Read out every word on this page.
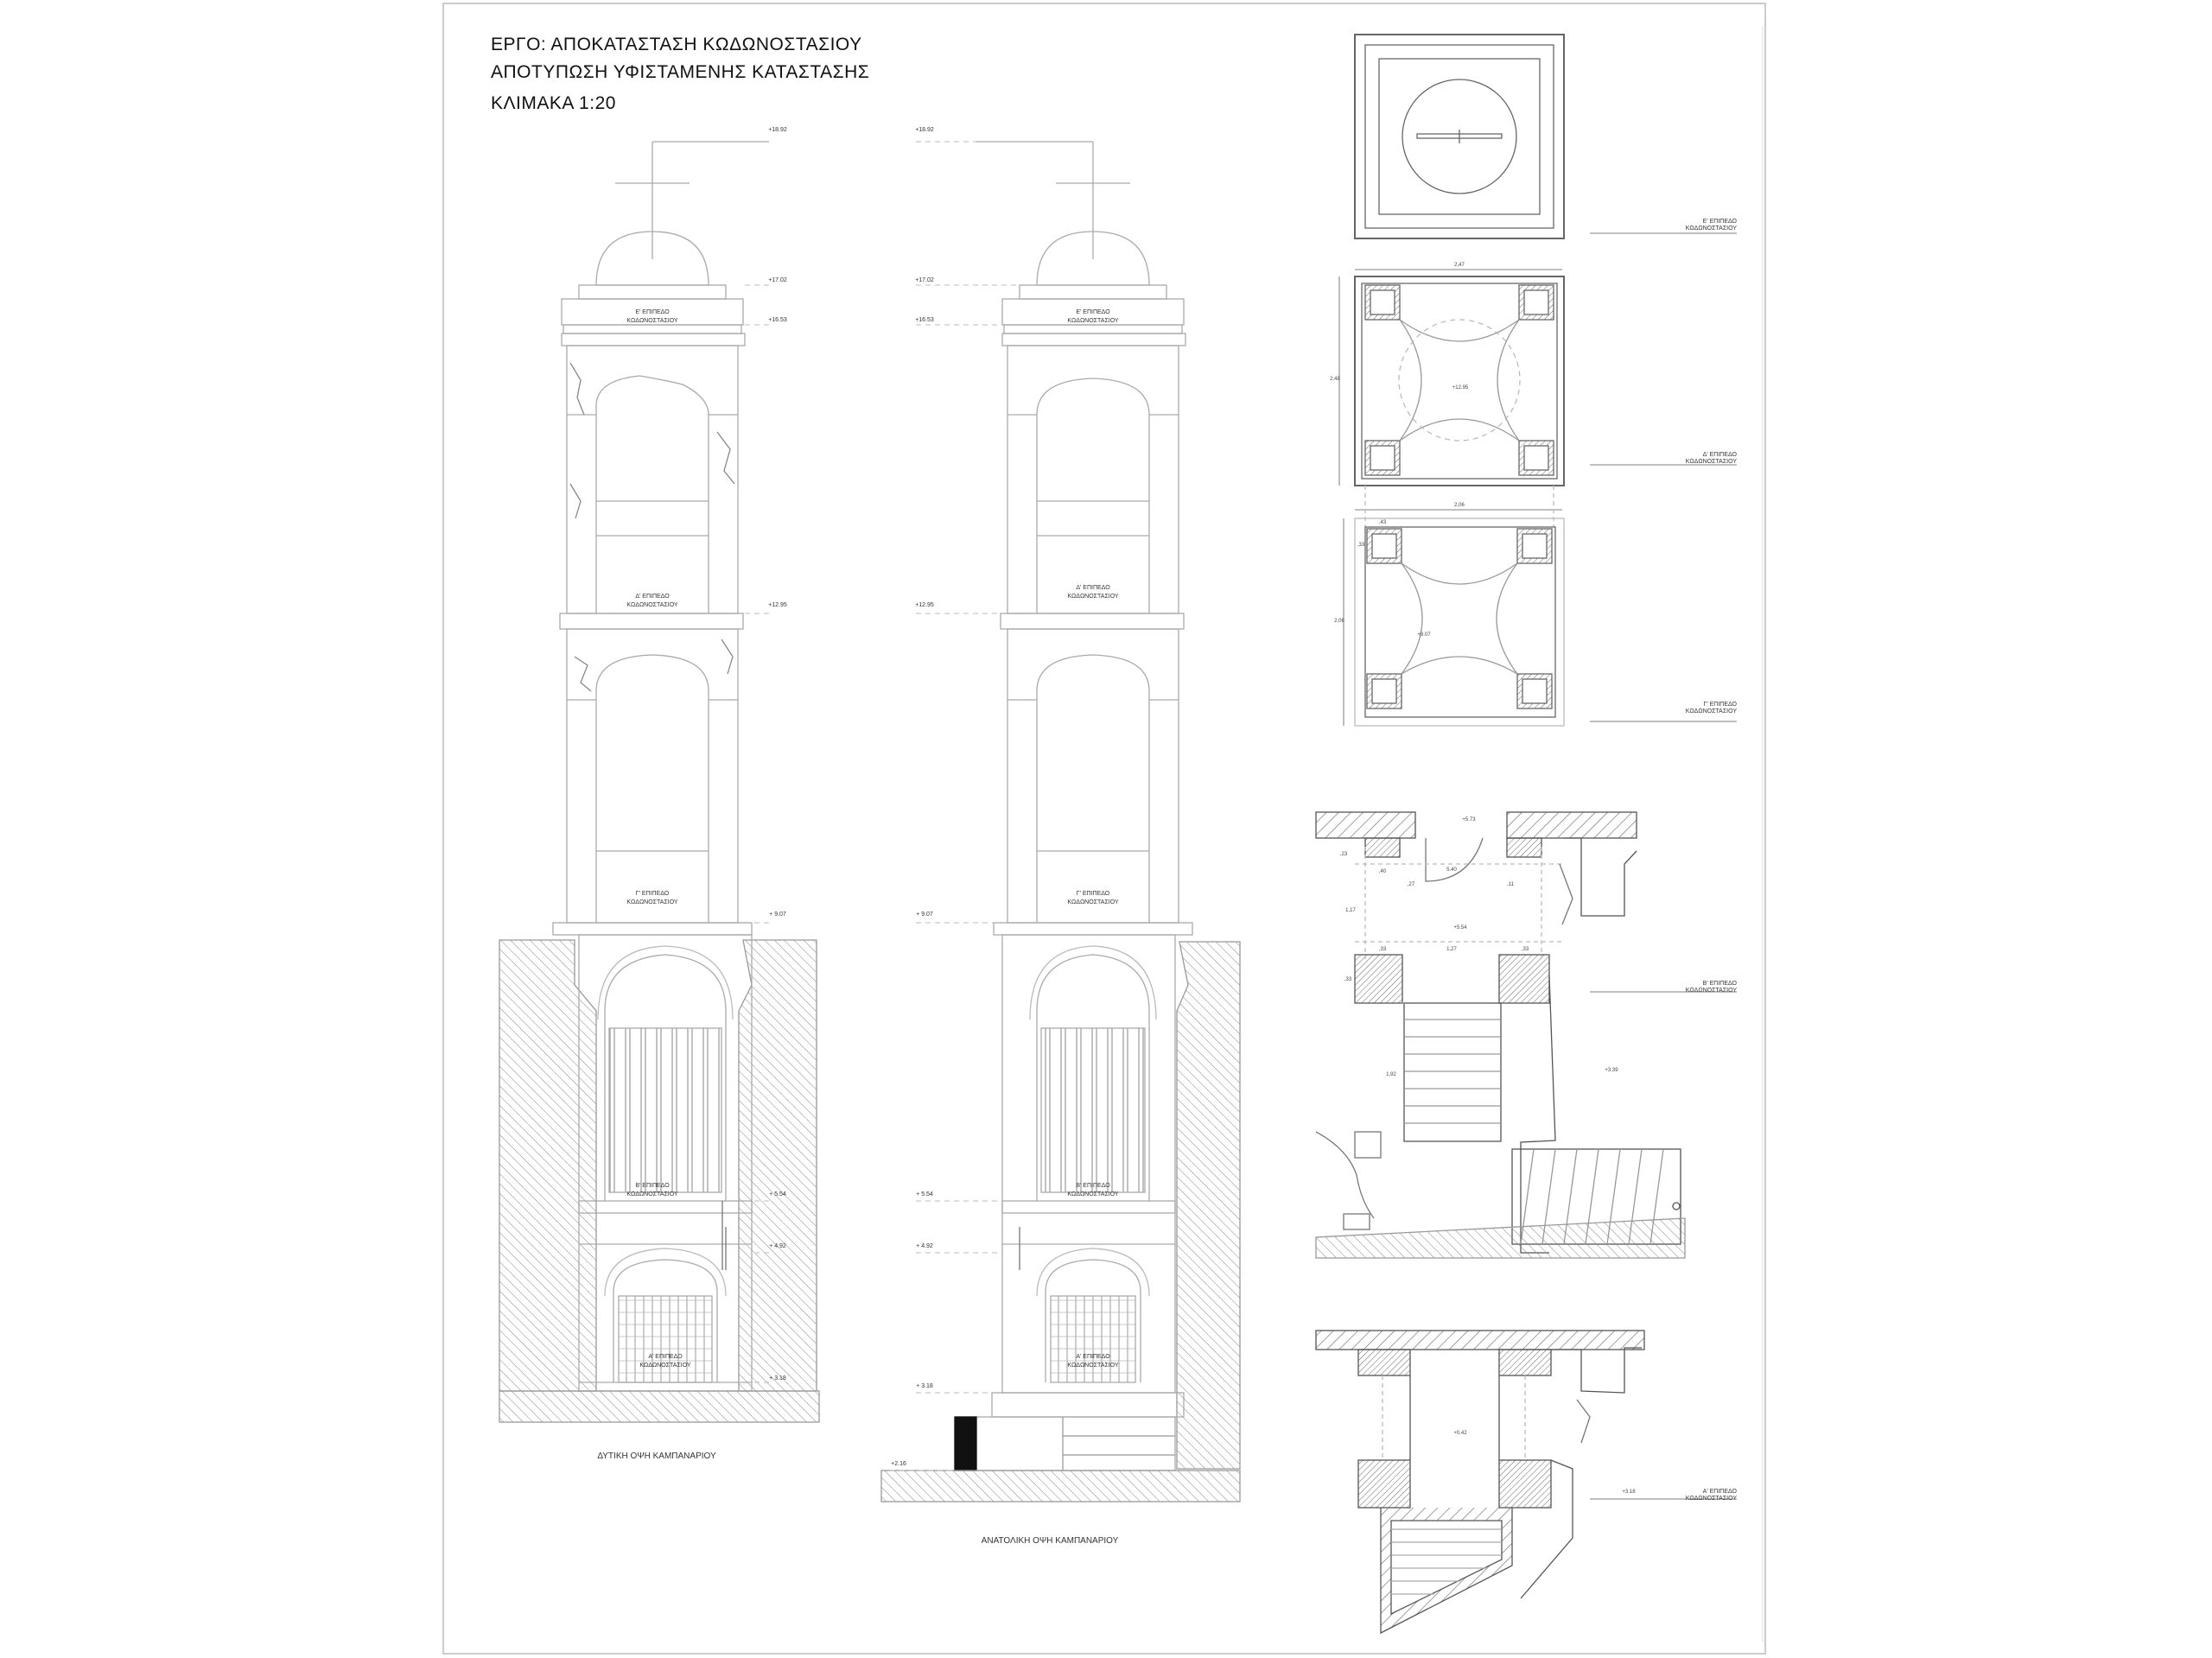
ΕΡΓΟ: ΑΠΟΚΑΤΑΣΤΑΣΗ ΚΩΔΩΝΟΣΤΑΣΙΟΥ
ΑΠΟΤΥΠΩΣΗ ΥΦΙΣΤΑΜΕΝΗΣ ΚΑΤΑΣΤΑΣΗΣ
ΚΛΙΜΑΚΑ 1:20
Ε' ΕΠΙΠΕΔΟ
ΚΩΔΩΝΟΣΤΑΣΙΟΥ
Δ' ΕΠΙΠΕΔΟ
ΚΩΔΩΝΟΣΤΑΣΙΟΥ
Γ' ΕΠΙΠΕΔΟ
ΚΩΔΩΝΟΣΤΑΣΙΟΥ
Β' ΕΠΙΠΕΔΟ
ΚΩΔΩΝΟΣΤΑΣΙΟΥ
Α' ΕΠΙΠΕΔΟ
ΚΩΔΩΝΟΣΤΑΣΙΟΥ
ΔΥΤΙΚΗ ΟΨΗ ΚΑΜΠΑΝΑΡΙΟΥ
+18.92
+17.02
+16.53
+12.95
+ 9.07
+ 5.54
+ 4.92
+ 3.18
Ε' ΕΠΙΠΕΔΟ
ΚΩΔΩΝΟΣΤΑΣΙΟΥ
Δ' ΕΠΙΠΕΔΟ
ΚΩΔΩΝΟΣΤΑΣΙΟΥ
Γ' ΕΠΙΠΕΔΟ
ΚΩΔΩΝΟΣΤΑΣΙΟΥ
Β' ΕΠΙΠΕΔΟ
ΚΩΔΩΝΟΣΤΑΣΙΟΥ
Α' ΕΠΙΠΕΔΟ
ΚΩΔΩΝΟΣΤΑΣΙΟΥ
ΑΝΑΤΟΛΙΚΗ ΟΨΗ ΚΑΜΠΑΝΑΡΙΟΥ
+18.92
+17.02
+16.53
+12.95
+ 9.07
+ 5.54
+ 4.92
+ 3.18
+2.16
Ε' ΕΠΙΠΕΔΟ
ΚΩΔΩΝΟΣΤΑΣΙΟΥ
Δ' ΕΠΙΠΕΔΟ
ΚΩΔΩΝΟΣΤΑΣΙΟΥ
Γ' ΕΠΙΠΕΔΟ
ΚΩΔΩΝΟΣΤΑΣΙΟΥ
Β' ΕΠΙΠΕΔΟ
ΚΩΔΩΝΟΣΤΑΣΙΟΥ
Α' ΕΠΙΠΕΔΟ
ΚΩΔΩΝΟΣΤΑΣΙΟΥ
2,47
2,48
+12.95
2,06
2,06
,43
,33
+9.07
+5.73
,23
,40
,27	,11
1,17
5.40
,33	1,27	,33
,33
1,92
+5.54
+3.39
+0.42
+3.18
